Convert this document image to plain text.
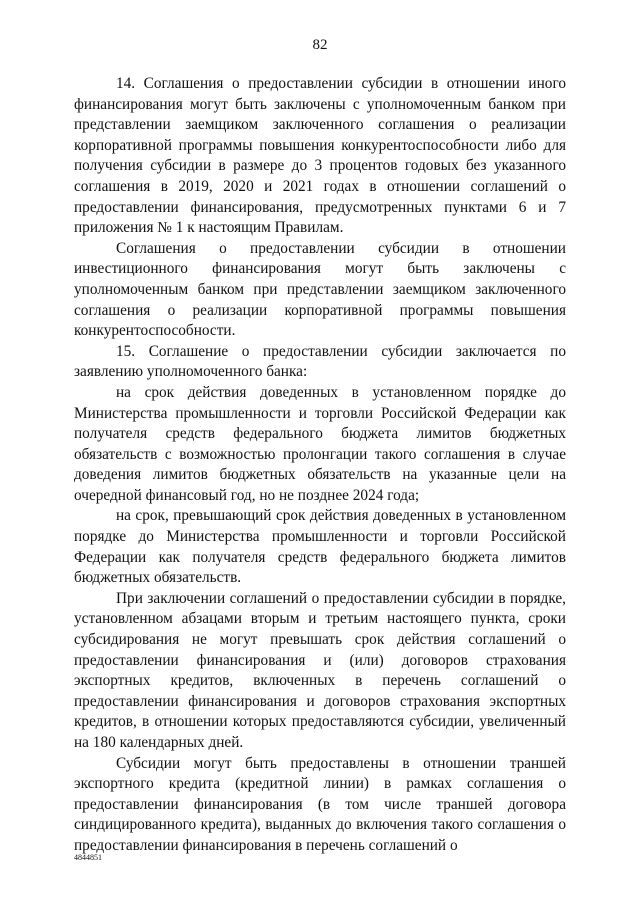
82

14. Соглашения о предоставлении субсидии в отношении иного финансирования могут быть заключены с уполномоченным банком при представлении заемщиком заключенного соглашения о реализации корпоративной программы повышения конкурентоспособности либо для получения субсидии в размере до 3 процентов годовых без указанного соглашения в 2019, 2020 и 2021 годах в отношении соглашений о предоставлении финансирования, предусмотренных пунктами 6 и 7 приложения № 1 к настоящим Правилам.

Соглашения о предоставлении субсидии в отношении инвестиционного финансирования могут быть заключены с уполномоченным банком при представлении заемщиком заключенного соглашения о реализации корпоративной программы повышения конкурентоспособности.

15. Соглашение о предоставлении субсидии заключается по заявлению уполномоченного банка:

на срок действия доведенных в установленном порядке до Министерства промышленности и торговли Российской Федерации как получателя средств федерального бюджета лимитов бюджетных обязательств с возможностью пролонгации такого соглашения в случае доведения лимитов бюджетных обязательств на указанные цели на очередной финансовый год, но не позднее 2024 года;

на срок, превышающий срок действия доведенных в установленном порядке до Министерства промышленности и торговли Российской Федерации как получателя средств федерального бюджета лимитов бюджетных обязательств.

При заключении соглашений о предоставлении субсидии в порядке, установленном абзацами вторым и третьим настоящего пункта, сроки субсидирования не могут превышать срок действия соглашений о предоставлении финансирования и (или) договоров страхования экспортных кредитов, включенных в перечень соглашений о предоставлении финансирования и договоров страхования экспортных кредитов, в отношении которых предоставляются субсидии, увеличенный на 180 календарных дней.

Субсидии могут быть предоставлены в отношении траншей экспортного кредита (кредитной линии) в рамках соглашения о предоставлении финансирования (в том числе траншей договора синдицированного кредита), выданных до включения такого соглашения о предоставлении финансирования в перечень соглашений о

4844851
